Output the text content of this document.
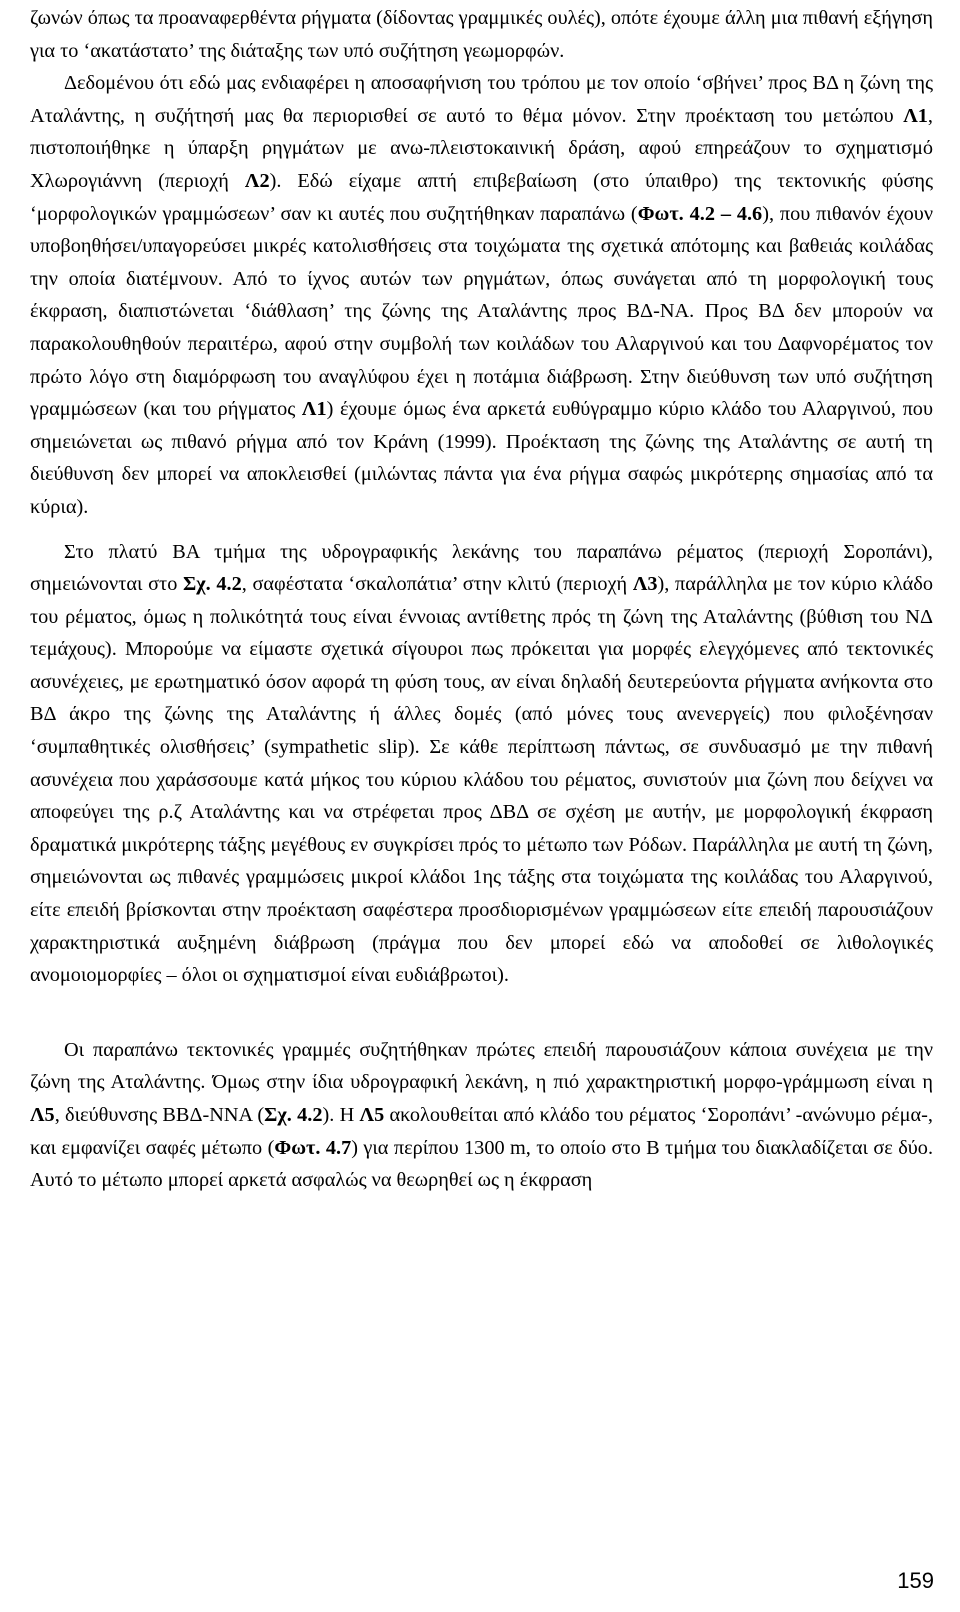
ζωνών όπως τα προαναφερθέντα ρήγματα (δίδοντας γραμμικές ουλές), οπότε έχουμε άλλη μια πιθανή εξήγηση για το ‘ακατάστατο’ της διάταξης των υπό συζήτηση γεωμορφών.

Δεδομένου ότι εδώ μας ενδιαφέρει η αποσαφήνιση του τρόπου με τον οποίο ‘σβήνει’ προς ΒΔ η ζώνη της Αταλάντης, η συζήτησή μας θα περιορισθεί σε αυτό το θέμα μόνον. Στην προέκταση του μετώπου Λ1, πιστοποιήθηκε η ύπαρξη ρηγμάτων με ανω-πλειστοκαινική δράση, αφού επηρεάζουν το σχηματισμό Χλωρογιάννη (περιοχή Λ2). Εδώ είχαμε απτή επιβεβαίωση (στο ύπαιθρο) της τεκτονικής φύσης ‘μορφολογικών γραμμώσεων’ σαν κι αυτές που συζητήθηκαν παραπάνω (Φωτ. 4.2 – 4.6), που πιθανόν έχουν υποβοηθήσει/υπαγορεύσει μικρές κατολισθήσεις στα τοιχώματα της σχετικά απότομης και βαθειάς κοιλάδας την οποία διατέμνουν. Από το ίχνος αυτών των ρηγμάτων, όπως συνάγεται από τη μορφολογική τους έκφραση, διαπιστώνεται ‘διάθλαση’ της ζώνης της Αταλάντης προς ΒΔ-ΝΑ. Προς ΒΔ δεν μπορούν να παρακολουθηθούν περαιτέρω, αφού στην συμβολή των κοιλάδων του Αλαργινού και του Δαφνορέματος τον πρώτο λόγο στη διαμόρφωση του αναγλύφου έχει η ποτάμια διάβρωση. Στην διεύθυνση των υπό συζήτηση γραμμώσεων (και του ρήγματος Λ1) έχουμε όμως ένα αρκετά ευθύγραμμο κύριο κλάδο του Αλαργινού, που σημειώνεται ως πιθανό ρήγμα από τον Κράνη (1999). Προέκταση της ζώνης της Αταλάντης σε αυτή τη διεύθυνση δεν μπορεί να αποκλεισθεί (μιλώντας πάντα για ένα ρήγμα σαφώς μικρότερης σημασίας από τα κύρια).

Στο πλατύ ΒΑ τμήμα της υδρογραφικής λεκάνης του παραπάνω ρέματος (περιοχή Σοροπάνι), σημειώνονται στο Σχ. 4.2, σαφέστατα ‘σκαλοπάτια’ στην κλιτύ (περιοχή Λ3), παράλληλα με τον κύριο κλάδο του ρέματος, όμως η πολικότητά τους είναι έννοιας αντίθετης πρός τη ζώνη της Αταλάντης (βύθιση του ΝΔ τεμάχους). Μπορούμε να είμαστε σχετικά σίγουροι πως πρόκειται για μορφές ελεγχόμενες από τεκτονικές ασυνέχειες, με ερωτηματικό όσον αφορά τη φύση τους, αν είναι δηλαδή δευτερεύοντα ρήγματα ανήκοντα στο ΒΔ άκρο της ζώνης της Αταλάντης ή άλλες δομές (από μόνες τους ανενεργείς) που φιλοξένησαν ‘συμπαθητικές ολισθήσεις’ (sympathetic slip). Σε κάθε περίπτωση πάντως, σε συνδυασμό με την πιθανή ασυνέχεια που χαράσσουμε κατά μήκος του κύριου κλάδου του ρέματος, συνιστούν μια ζώνη που δείχνει να αποφεύγει της ρ.ζ Αταλάντης και να στρέφεται προς ΔΒΔ σε σχέση με αυτήν, με μορφολογική έκφραση δραματικά μικρότερης τάξης μεγέθους εν συγκρίσει πρός το μέτωπο των Ρόδων. Παράλληλα με αυτή τη ζώνη, σημειώνονται ως πιθανές γραμμώσεις μικροί κλάδοι 1ης τάξης στα τοιχώματα της κοιλάδας του Αλαργινού, είτε επειδή βρίσκονται στην προέκταση σαφέστερα προσδιορισμένων γραμμώσεων είτε επειδή παρουσιάζουν χαρακτηριστικά αυξημένη διάβρωση (πράγμα που δεν μπορεί εδώ να αποδοθεί σε λιθολογικές ανομοιομορφίες – όλοι οι σχηματισμοί είναι ευδιάβρωτοι).

Οι παραπάνω τεκτονικές γραμμές συζητήθηκαν πρώτες επειδή παρουσιάζουν κάποια συνέχεια με την ζώνη της Αταλάντης. Όμως στην ίδια υδρογραφική λεκάνη, η πιό χαρακτηριστική μορφο-γράμμωση είναι η Λ5, διεύθυνσης ΒΒΔ-ΝΝΑ (Σχ. 4.2). Η Λ5 ακολουθείται από κλάδο του ρέματος ‘Σοροπάνι’ -ανώνυμο ρέμα-, και εμφανίζει σαφές μέτωπο (Φωτ. 4.7) για περίπου 1300 m, το οποίο στο Β τμήμα του διακλαδίζεται σε δύο. Αυτό το μέτωπο μπορεί αρκετά ασφαλώς να θεωρηθεί ως η έκφραση

159
